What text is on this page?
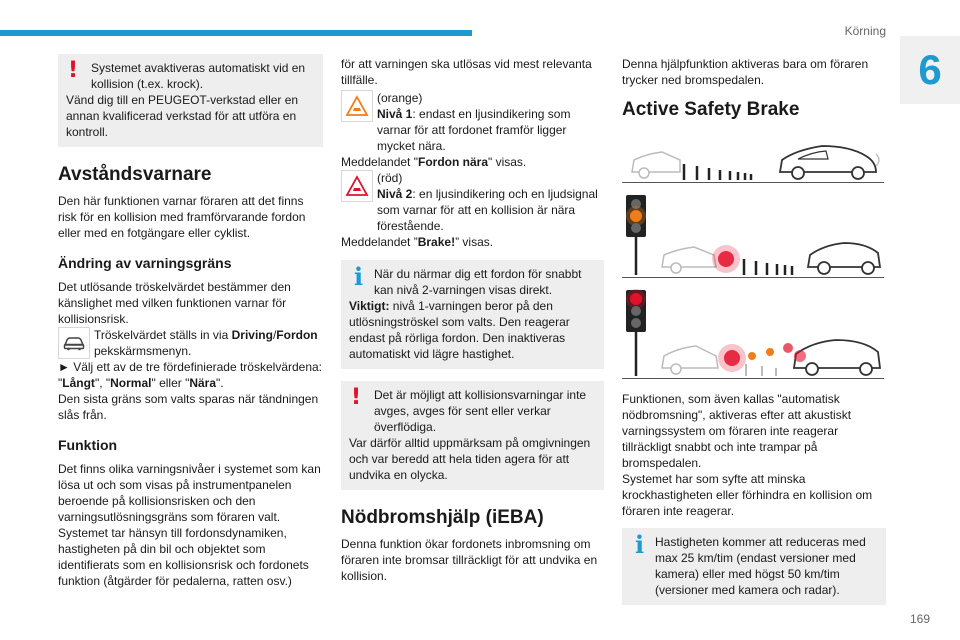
Körning
6
169
! Systemet avaktiveras automatiskt vid en kollision (t.ex. krock).

Vänd dig till en PEUGEOT-verkstad eller en annan kvalificerad verkstad för att utföra en kontroll.

Avståndsvarnare

Den här funktionen varnar föraren att det finns risk för en kollision med framförvarande fordon eller med en fotgängare eller cyklist.

Ändring av varningsgräns

Det utlösande tröskelvärdet bestämmer den känslighet med vilken funktionen varnar för kollisionsrisk.

Tröskelvärdet ställs in via Driving/Fordon pekskärmsmenyn.

► Välj ett av de tre fördefinierade tröskelvärdena: "Långt", "Normal" eller "Nära".

Den sista gräns som valts sparas när tändningen slås från.

Funktion

Det finns olika varningsnivåer i systemet som kan lösa ut och som visas på instrumentpanelen beroende på kollisionsrisken och den varningsutlösningsgräns som föraren valt.

Systemet tar hänsyn till fordonsdynamiken, hastigheten på din bil och objektet som identifierats som en kollisionsrisk och fordonets funktion (åtgärder för pedalerna, ratten osv.)

för att varningen ska utlösas vid mest relevanta tillfälle.

(orange)

Nivå 1: endast en ljusindikering som varnar för att fordonet framför ligger mycket nära.

Meddelandet "Fordon nära" visas.

(röd)

Nivå 2: en ljusindikering och en ljudsignal som varnar för att en kollision är nära förestående.

Meddelandet ”Brake!” visas.

i När du närmar dig ett fordon för snabbt kan nivå 2-varningen visas direkt.

Viktigt: nivå 1-varningen beror på den utlösningströskel som valts. Den reagerar endast på rörliga fordon. Den inaktiveras automatiskt vid lägre hastighet.

! Det är möjligt att kollisionsvarningar inte avges, avges för sent eller verkar överflödiga.

Var därför alltid uppmärksam på omgivningen och var beredd att hela tiden agera för att undvika en olycka.

Nödbromshjälp (iEBA)

Denna funktion ökar fordonets inbromsning om föraren inte bromsar tillräckligt för att undvika en kollision.

Denna hjälpfunktion aktiveras bara om föraren trycker ned bromspedalen.

Active Safety Brake

Funktionen, som även kallas "automatisk nödbromsning", aktiveras efter att akustiskt varningssystem om föraren inte reagerar tillräckligt snabbt och inte trampar på bromspedalen.

Systemet har som syfte att minska krockhastigheten eller förhindra en kollision om föraren inte reagerar.

i Hastigheten kommer att reduceras med max 25 km/tim (endast versioner med kamera) eller med högst 50 km/tim (versioner med kamera och radar).
